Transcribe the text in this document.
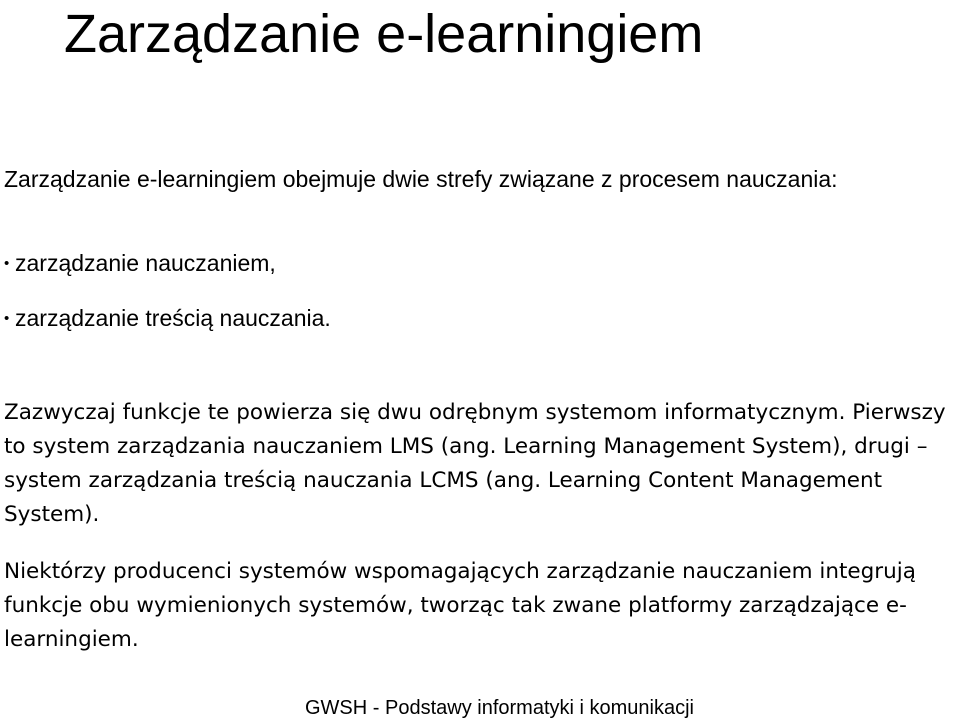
Zarządzanie e-learningiem

Zarządzanie e-learningiem obejmuje dwie strefy związane z procesem nauczania:

• zarządzanie nauczaniem,
• zarządzanie treścią nauczania.

Zazwyczaj funkcje te powierza się dwu odrębnym systemom informatycznym. Pierwszy to system zarządzania nauczaniem LMS (ang. Learning Management System), drugi – system zarządzania treścią nauczania LCMS (ang. Learning Content Management System).

Niektórzy producenci systemów wspomagających zarządzanie nauczaniem integrują funkcje obu wymienionych systemów, tworząc tak zwane platformy zarządzające e-learningiem.

GWSH - Podstawy informatyki i komunikacji
